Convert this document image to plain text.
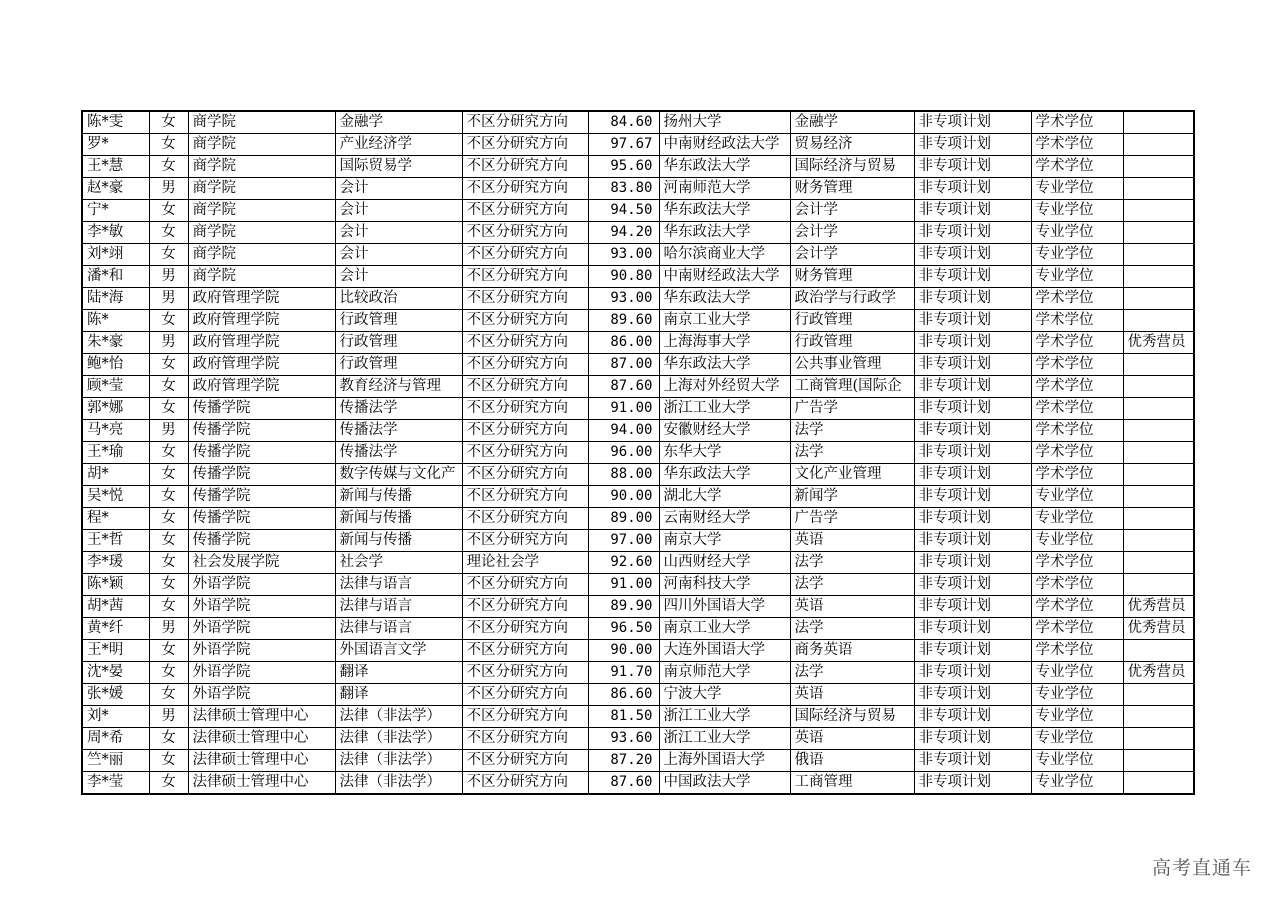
陈*雯	女	商学院	金融学	不区分研究方向	84.60	扬州大学	金融学	非专项计划	学术学位	
罗*	女	商学院	产业经济学	不区分研究方向	97.67	中南财经政法大学	贸易经济	非专项计划	学术学位	
王*慧	女	商学院	国际贸易学	不区分研究方向	95.60	华东政法大学	国际经济与贸易	非专项计划	学术学位	
赵*豪	男	商学院	会计	不区分研究方向	83.80	河南师范大学	财务管理	非专项计划	专业学位	
宁*	女	商学院	会计	不区分研究方向	94.50	华东政法大学	会计学	非专项计划	专业学位	
李*敏	女	商学院	会计	不区分研究方向	94.20	华东政法大学	会计学	非专项计划	专业学位	
刘*翊	女	商学院	会计	不区分研究方向	93.00	哈尔滨商业大学	会计学	非专项计划	专业学位	
潘*和	男	商学院	会计	不区分研究方向	90.80	中南财经政法大学	财务管理	非专项计划	专业学位	
陆*海	男	政府管理学院	比较政治	不区分研究方向	93.00	华东政法大学	政治学与行政学	非专项计划	学术学位	
陈*	女	政府管理学院	行政管理	不区分研究方向	89.60	南京工业大学	行政管理	非专项计划	学术学位	
朱*豪	男	政府管理学院	行政管理	不区分研究方向	86.00	上海海事大学	行政管理	非专项计划	学术学位	优秀营员
鲍*怡	女	政府管理学院	行政管理	不区分研究方向	87.00	华东政法大学	公共事业管理	非专项计划	学术学位	
顾*莹	女	政府管理学院	教育经济与管理	不区分研究方向	87.60	上海对外经贸大学	工商管理(国际企	非专项计划	学术学位	
郭*娜	女	传播学院	传播法学	不区分研究方向	91.00	浙江工业大学	广告学	非专项计划	学术学位	
马*亮	男	传播学院	传播法学	不区分研究方向	94.00	安徽财经大学	法学	非专项计划	学术学位	
王*瑜	女	传播学院	传播法学	不区分研究方向	96.00	东华大学	法学	非专项计划	学术学位	
胡*	女	传播学院	数字传媒与文化产	不区分研究方向	88.00	华东政法大学	文化产业管理	非专项计划	学术学位	
吴*悦	女	传播学院	新闻与传播	不区分研究方向	90.00	湖北大学	新闻学	非专项计划	专业学位	
程*	女	传播学院	新闻与传播	不区分研究方向	89.00	云南财经大学	广告学	非专项计划	专业学位	
王*哲	女	传播学院	新闻与传播	不区分研究方向	97.00	南京大学	英语	非专项计划	专业学位	
李*瑗	女	社会发展学院	社会学	理论社会学	92.60	山西财经大学	法学	非专项计划	学术学位	
陈*颖	女	外语学院	法律与语言	不区分研究方向	91.00	河南科技大学	法学	非专项计划	学术学位	
胡*茜	女	外语学院	法律与语言	不区分研究方向	89.90	四川外国语大学	英语	非专项计划	学术学位	优秀营员
黄*纤	男	外语学院	法律与语言	不区分研究方向	96.50	南京工业大学	法学	非专项计划	学术学位	优秀营员
王*明	女	外语学院	外国语言文学	不区分研究方向	90.00	大连外国语大学	商务英语	非专项计划	学术学位	
沈*晏	女	外语学院	翻译	不区分研究方向	91.70	南京师范大学	法学	非专项计划	专业学位	优秀营员
张*媛	女	外语学院	翻译	不区分研究方向	86.60	宁波大学	英语	非专项计划	专业学位	
刘*	男	法律硕士管理中心	法律（非法学）	不区分研究方向	81.50	浙江工业大学	国际经济与贸易	非专项计划	专业学位	
周*希	女	法律硕士管理中心	法律（非法学）	不区分研究方向	93.60	浙江工业大学	英语	非专项计划	专业学位	
竺*丽	女	法律硕士管理中心	法律（非法学）	不区分研究方向	87.20	上海外国语大学	俄语	非专项计划	专业学位	
李*莹	女	法律硕士管理中心	法律（非法学）	不区分研究方向	87.60	中国政法大学	工商管理	非专项计划	专业学位	
高考直通车
